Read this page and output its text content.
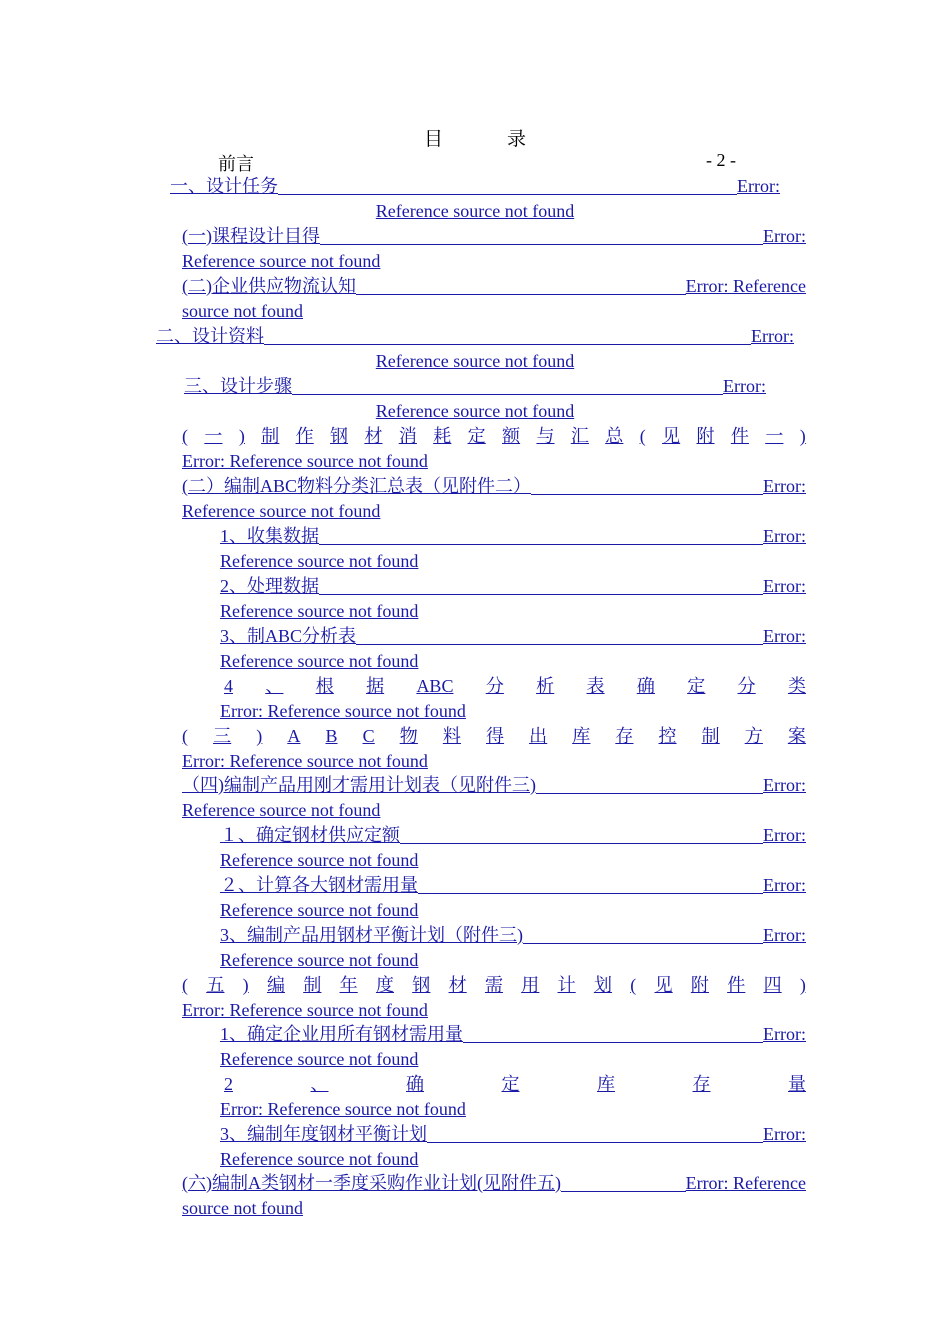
目	录
前言	- 2 -
一、设计任务	Error:
Reference source not found
(一)课程设计目得	Error:
Reference source not found
(二)企业供应物流认知	Error: Reference
source not found
二、设计资料	Error:
Reference source not found
三、设计步骤	Error:
Reference source not found
( 一 ) 制 作 钢 材 消 耗 定 额 与 汇 总 ( 见 附 件 一 )
Error: Reference source not found
(二）编制ABC物料分类汇总表（见附件二）	Error:
Reference source not found
1、收集数据	Error:
Reference source not found
2、处理数据	Error:
Reference source not found
3、制ABC分析表	Error:
Reference source not found
4 、 根 据 ABC 分 析 表 确 定 分 类
Error: Reference source not found
( 三 ) A B C 物 料 得 出 库 存 控 制 方 案
Error: Reference source not found
（四)编制产品用刚才需用计划表（见附件三)	Error:
Reference source not found
１、确定钢材供应定额	Error:
Reference source not found
２、计算各大钢材需用量	Error:
Reference source not found
3、编制产品用钢材平衡计划（附件三)	Error:
Reference source not found
( 五 ) 编 制 年 度 钢 材 需 用 计 划 ( 见 附 件 四 )
Error: Reference source not found
1、确定企业用所有钢材需用量	Error:
Reference source not found
2	、	确	定	库	存	量
Error: Reference source not found
3、编制年度钢材平衡计划	Error:
Reference source not found
(六)编制A类钢材一季度采购作业计划(见附件五)	Error: Reference
source not found
